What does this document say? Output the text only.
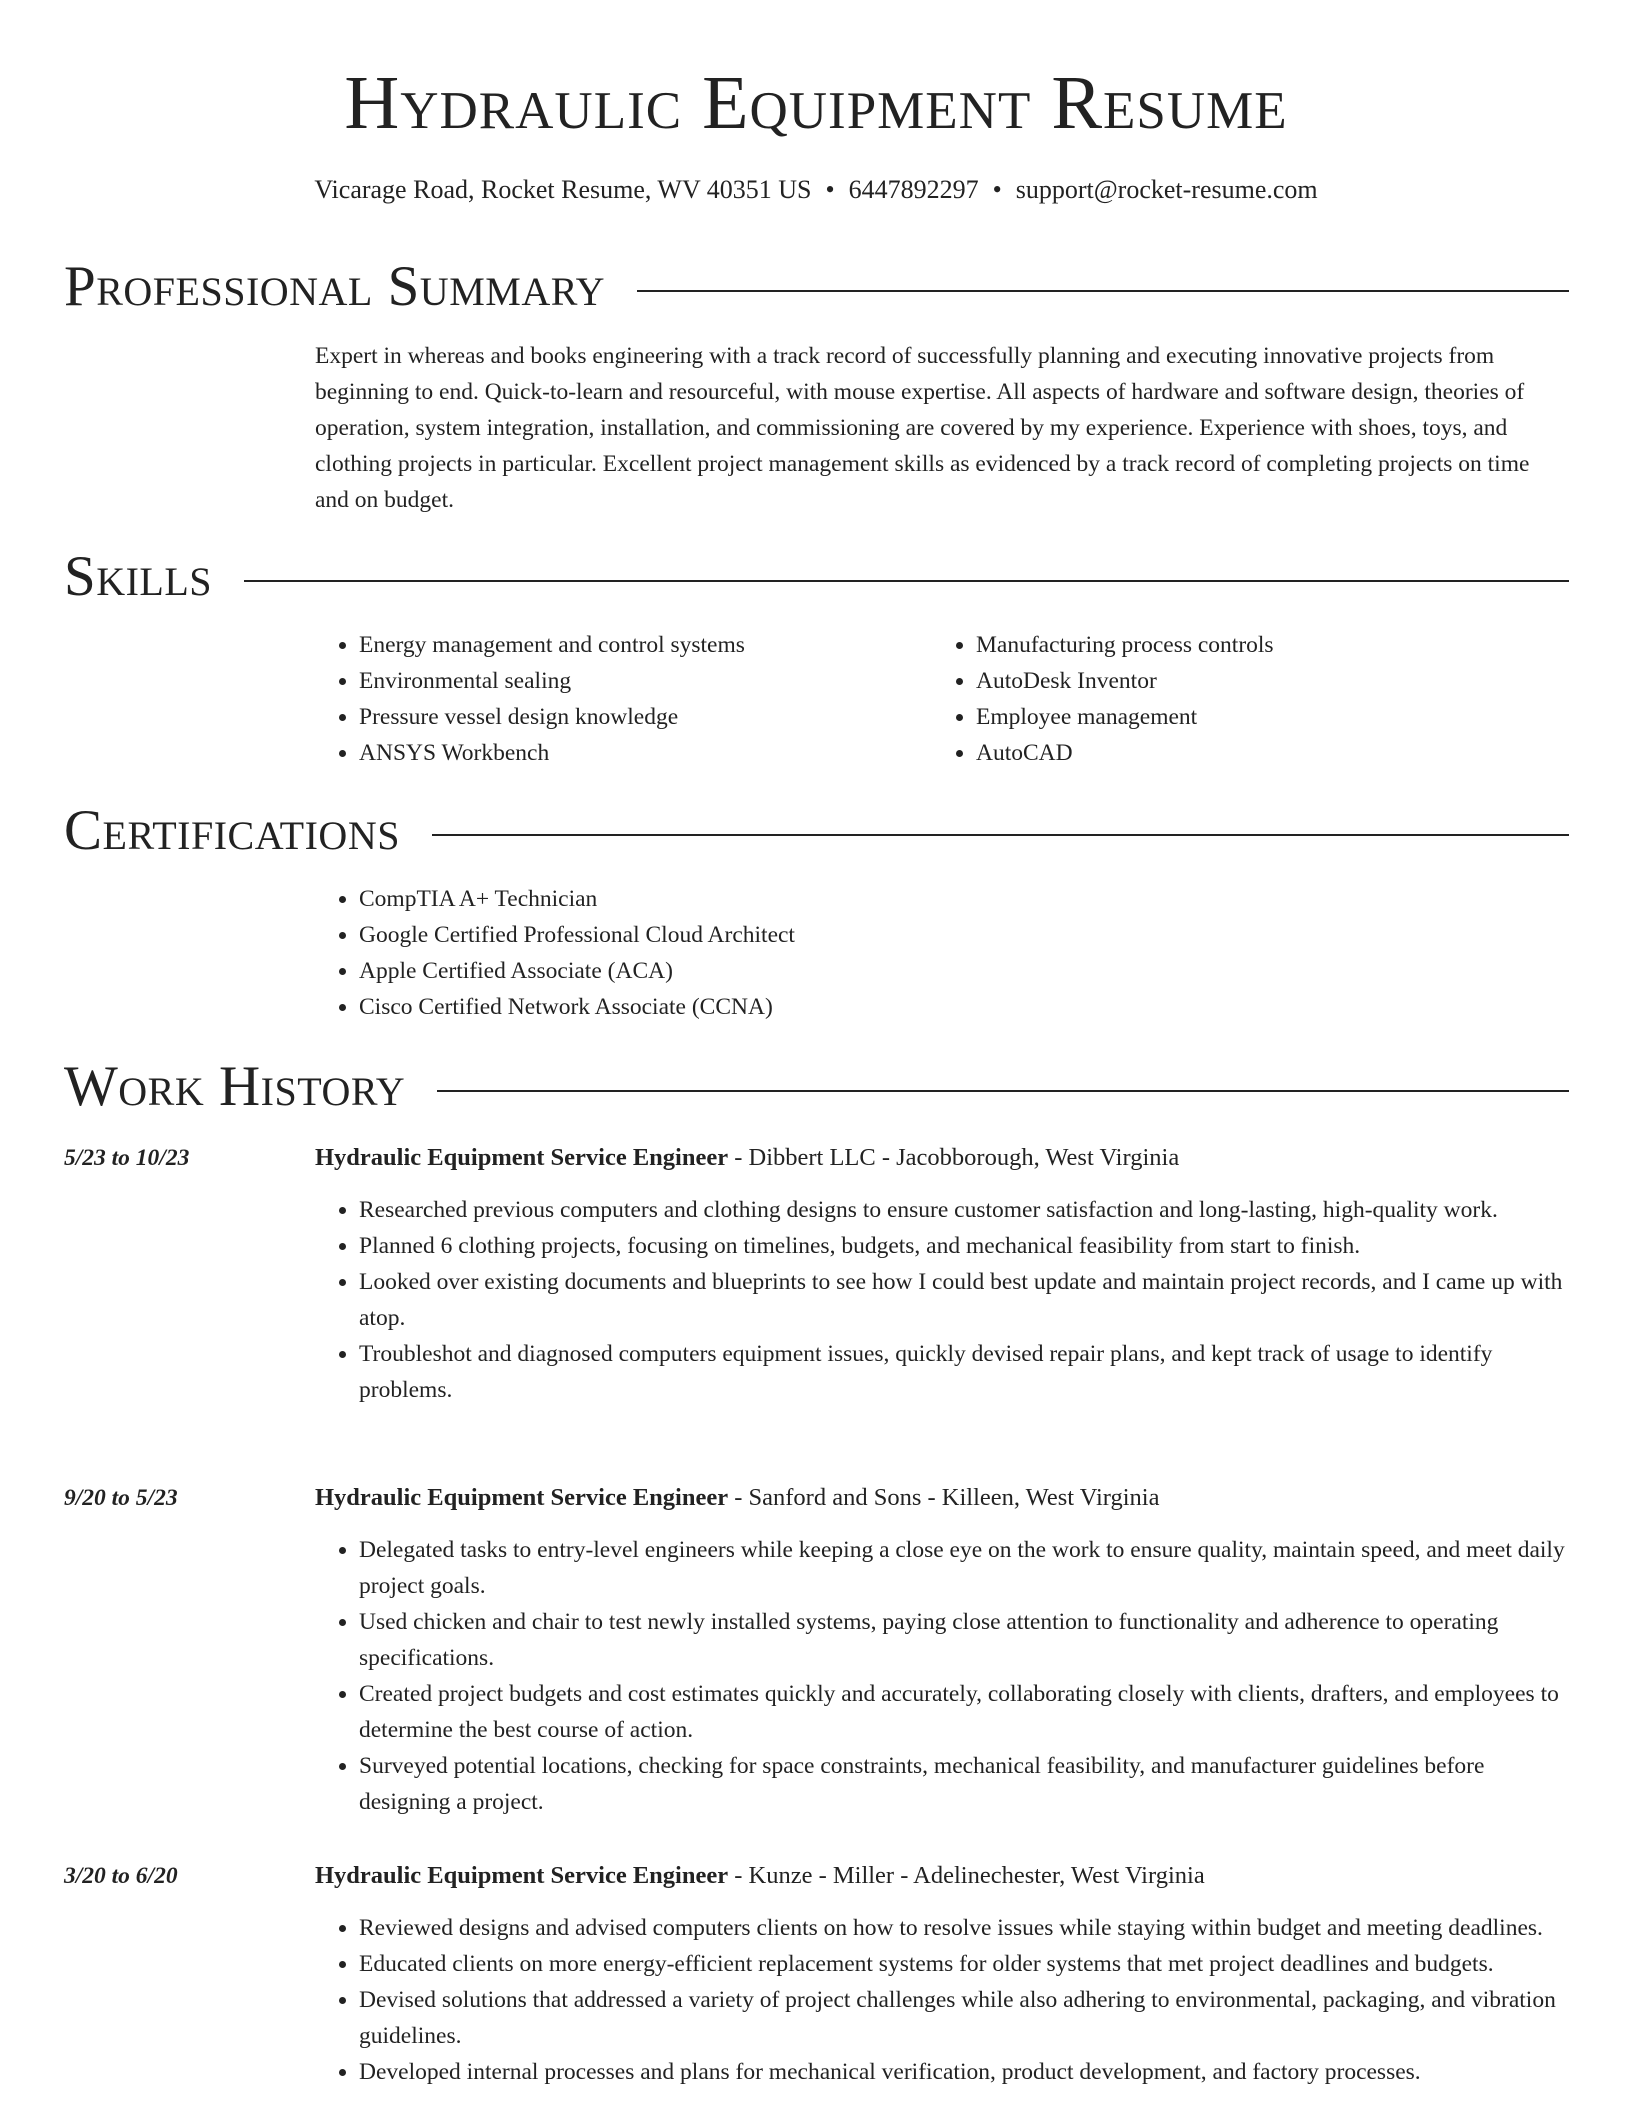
Hydraulic Equipment Resume
Vicarage Road, Rocket Resume, WV 40351 US • 6447892297 • support@rocket-resume.com
Professional Summary

Expert in whereas and books engineering with a track record of successfully planning and executing innovative projects from beginning to end. Quick-to-learn and resourceful, with mouse expertise. All aspects of hardware and software design, theories of operation, system integration, installation, and commissioning are covered by my experience. Experience with shoes, toys, and clothing projects in particular. Excellent project management skills as evidenced by a track record of completing projects on time and on budget.

Skills
• Energy management and control systems
• Environmental sealing
• Pressure vessel design knowledge
• ANSYS Workbench
• Manufacturing process controls
• AutoDesk Inventor
• Employee management
• AutoCAD
Certifications
• CompTIA A+ Technician
• Google Certified Professional Cloud Architect
• Apple Certified Associate (ACA)
• Cisco Certified Network Associate (CCNA)
Work History
5/23 to 10/23	Hydraulic Equipment Service Engineer - Dibbert LLC - Jacobborough, West Virginia
• Researched previous computers and clothing designs to ensure customer satisfaction and long-lasting, high-quality work.
• Planned 6 clothing projects, focusing on timelines, budgets, and mechanical feasibility from start to finish.
• Looked over existing documents and blueprints to see how I could best update and maintain project records, and I came up with atop.
• Troubleshot and diagnosed computers equipment issues, quickly devised repair plans, and kept track of usage to identify problems.
9/20 to 5/23	Hydraulic Equipment Service Engineer - Sanford and Sons - Killeen, West Virginia
• Delegated tasks to entry-level engineers while keeping a close eye on the work to ensure quality, maintain speed, and meet daily project goals.
• Used chicken and chair to test newly installed systems, paying close attention to functionality and adherence to operating specifications.
• Created project budgets and cost estimates quickly and accurately, collaborating closely with clients, drafters, and employees to determine the best course of action.
• Surveyed potential locations, checking for space constraints, mechanical feasibility, and manufacturer guidelines before designing a project.
3/20 to 6/20	Hydraulic Equipment Service Engineer - Kunze - Miller - Adelinechester, West Virginia
• Reviewed designs and advised computers clients on how to resolve issues while staying within budget and meeting deadlines.
• Educated clients on more energy-efficient replacement systems for older systems that met project deadlines and budgets.
• Devised solutions that addressed a variety of project challenges while also adhering to environmental, packaging, and vibration guidelines.
• Developed internal processes and plans for mechanical verification, product development, and factory processes.
